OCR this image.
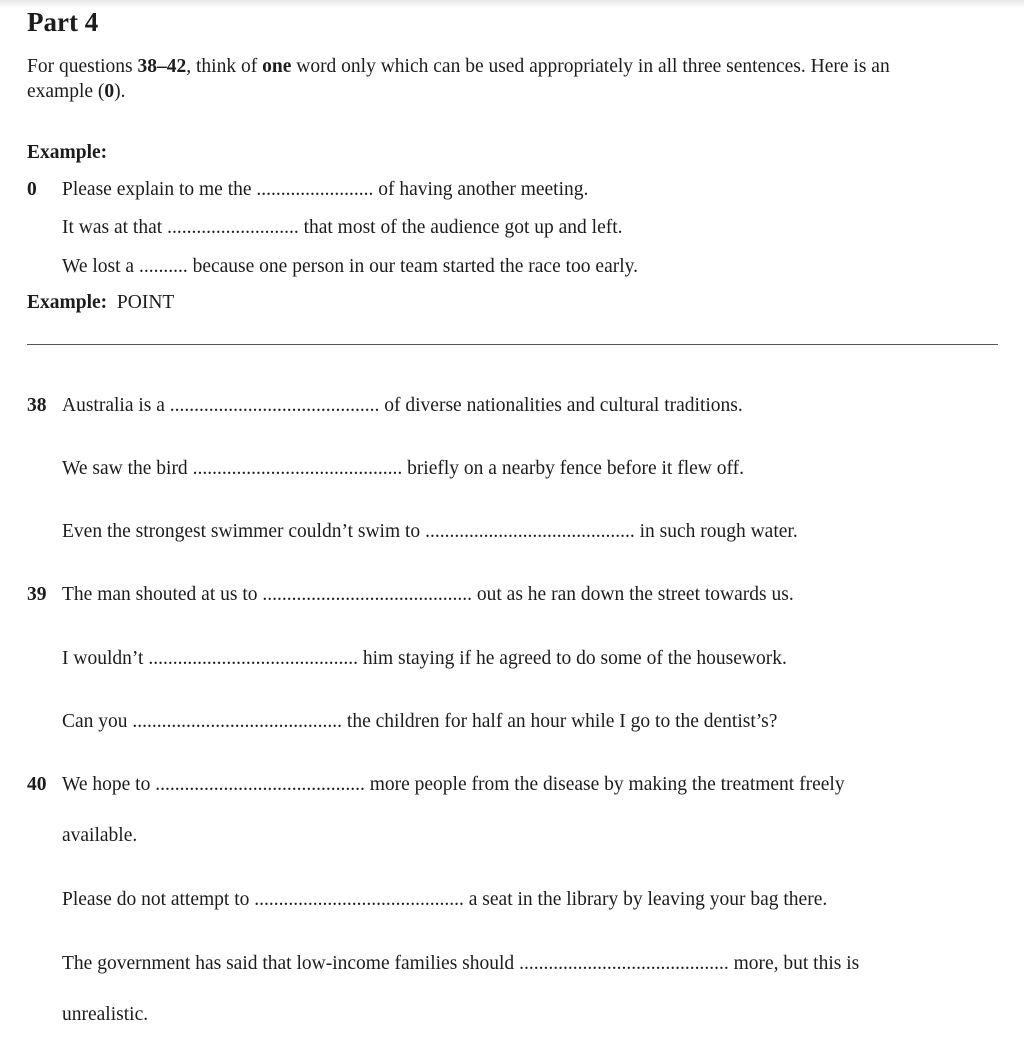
Part 4
For questions 38–42, think of one word only which can be used appropriately in all three sentences. Here is an example (0).
Example:
0 Please explain to me the ........................ of having another meeting.
It was at that ........................... that most of the audience got up and left.
We lost a .......... because one person in our team started the race too early.
Example: POINT
38 Australia is a ........................................... of diverse nationalities and cultural traditions.
We saw the bird ........................................... briefly on a nearby fence before it flew off.
Even the strongest swimmer couldn’t swim to ........................................... in such rough water.
39 The man shouted at us to ........................................... out as he ran down the street towards us.
I wouldn’t ........................................... him staying if he agreed to do some of the housework.
Can you ........................................... the children for half an hour while I go to the dentist’s?
40 We hope to ........................................... more people from the disease by making the treatment freely
available.
Please do not attempt to ........................................... a seat in the library by leaving your bag there.
The government has said that low-income families should ........................................... more, but this is
unrealistic.
